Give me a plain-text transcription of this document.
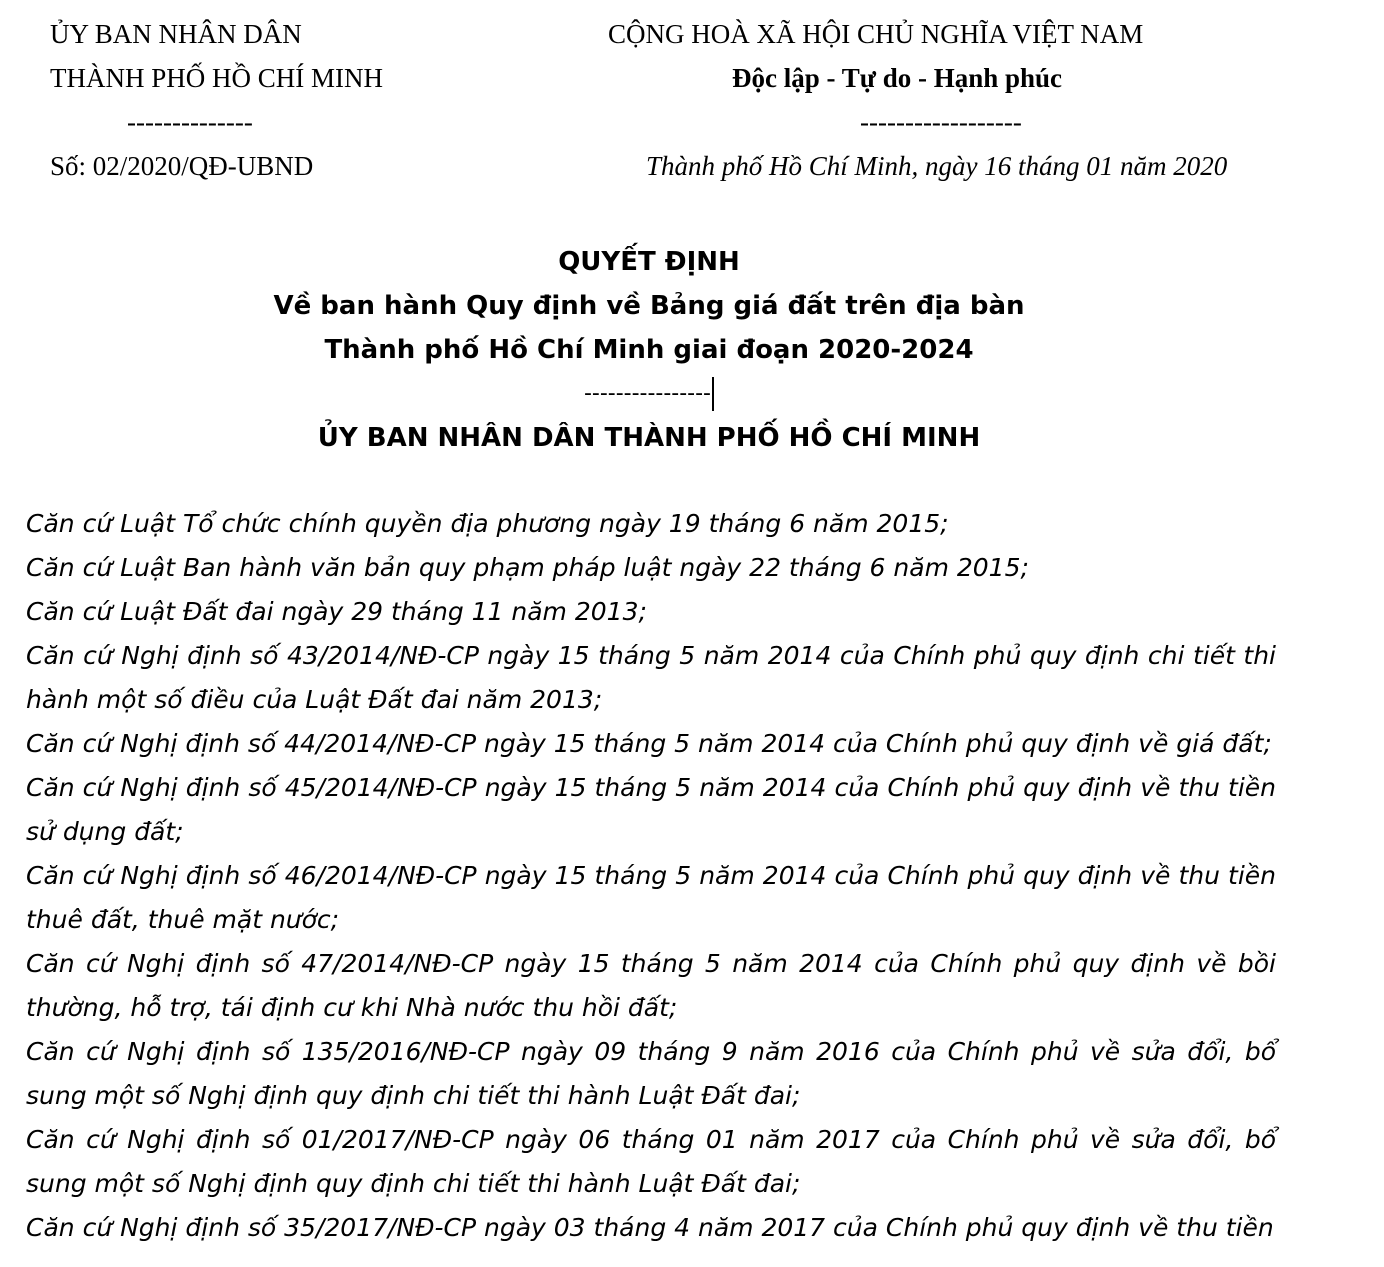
ỦY BAN NHÂN DÂN
THÀNH PHỐ HỒ CHÍ MINH
--------------
Số: 02/2020/QĐ-UBND
CỘNG HOÀ XÃ HỘI CHỦ NGHĨA VIỆT NAM
Độc lập - Tự do - Hạnh phúc
------------------
Thành phố Hồ Chí Minh, ngày 16 tháng 01 năm 2020
QUYẾT ĐỊNH
Về ban hành Quy định về Bảng giá đất trên địa bàn
Thành phố Hồ Chí Minh giai đoạn 2020-2024
----------------
ỦY BAN NHÂN DÂN THÀNH PHỐ HỒ CHÍ MINH

Căn cứ Luật Tổ chức chính quyền địa phương ngày 19 tháng 6 năm 2015;

Căn cứ Luật Ban hành văn bản quy phạm pháp luật ngày 22 tháng 6 năm 2015;

Căn cứ Luật Đất đai ngày 29 tháng 11 năm 2013;

Căn cứ Nghị định số 43/2014/NĐ-CP ngày 15 tháng 5 năm 2014 của Chính phủ quy định chi tiết thi hành một số điều của Luật Đất đai năm 2013;

Căn cứ Nghị định số 44/2014/NĐ-CP ngày 15 tháng 5 năm 2014 của Chính phủ quy định về giá đất;

Căn cứ Nghị định số 45/2014/NĐ-CP ngày 15 tháng 5 năm 2014 của Chính phủ quy định về thu tiền sử dụng đất;

Căn cứ Nghị định số 46/2014/NĐ-CP ngày 15 tháng 5 năm 2014 của Chính phủ quy định về thu tiền thuê đất, thuê mặt nước;

Căn cứ Nghị định số 47/2014/NĐ-CP ngày 15 tháng 5 năm 2014 của Chính phủ quy định về bồi thường, hỗ trợ, tái định cư khi Nhà nước thu hồi đất;

Căn cứ Nghị định số 135/2016/NĐ-CP ngày 09 tháng 9 năm 2016 của Chính phủ về sửa đổi, bổ sung một số Nghị định quy định chi tiết thi hành Luật Đất đai;

Căn cứ Nghị định số 01/2017/NĐ-CP ngày 06 tháng 01 năm 2017 của Chính phủ về sửa đổi, bổ sung một số Nghị định quy định chi tiết thi hành Luật Đất đai;

Căn cứ Nghị định số 35/2017/NĐ-CP ngày 03 tháng 4 năm 2017 của Chính phủ quy định về thu tiền
